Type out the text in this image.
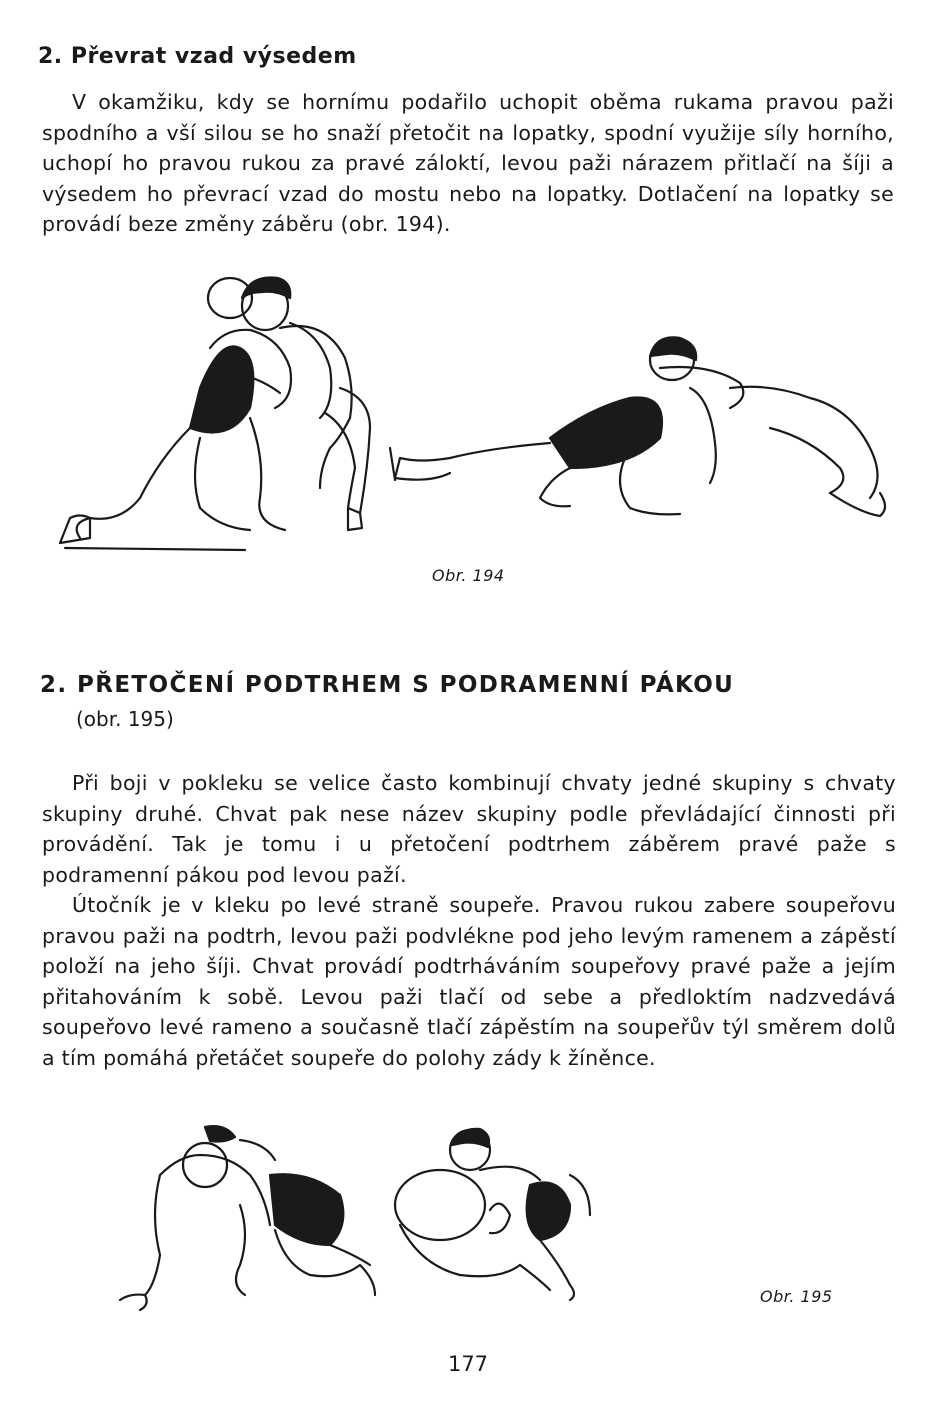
2. Převrat vzad výsedem

V okamžiku, kdy se hornímu podařilo uchopit oběma rukama pravou paži spodního a vší silou se ho snaží přetočit na lopatky, spodní využije síly horního, uchopí ho pravou rukou za pravé záloktí, levou paži nárazem přitlačí na šíji a výsedem ho převrací vzad do mostu nebo na lopatky. Dotlačení na lopatky se provádí beze změny záběru (obr. 194).

Obr. 194
2. PŘETOČENÍ PODTRHEM S PODRAMENNÍ PÁKOU
(obr. 195)

Při boji v pokleku se velice často kombinují chvaty jedné skupiny s chvaty skupiny druhé. Chvat pak nese název skupiny podle převládající činnosti při provádění. Tak je tomu i u přetočení podtrhem záběrem pravé paže s podramenní pákou pod levou paží.

Útočník je v kleku po levé straně soupeře. Pravou rukou zabere soupeřovu pravou paži na podtrh, levou paži podvlékne pod jeho levým ramenem a zápěstí položí na jeho šíji. Chvat provádí podtrháváním soupeřovy pravé paže a jejím přitahováním k sobě. Levou paži tlačí od sebe a předloktím nadzvedává soupeřovo levé rameno a současně tlačí zápěstím na soupeřův týl směrem dolů a tím pomáhá přetáčet soupeře do polohy zády k žíněnce.

Obr. 195
177
